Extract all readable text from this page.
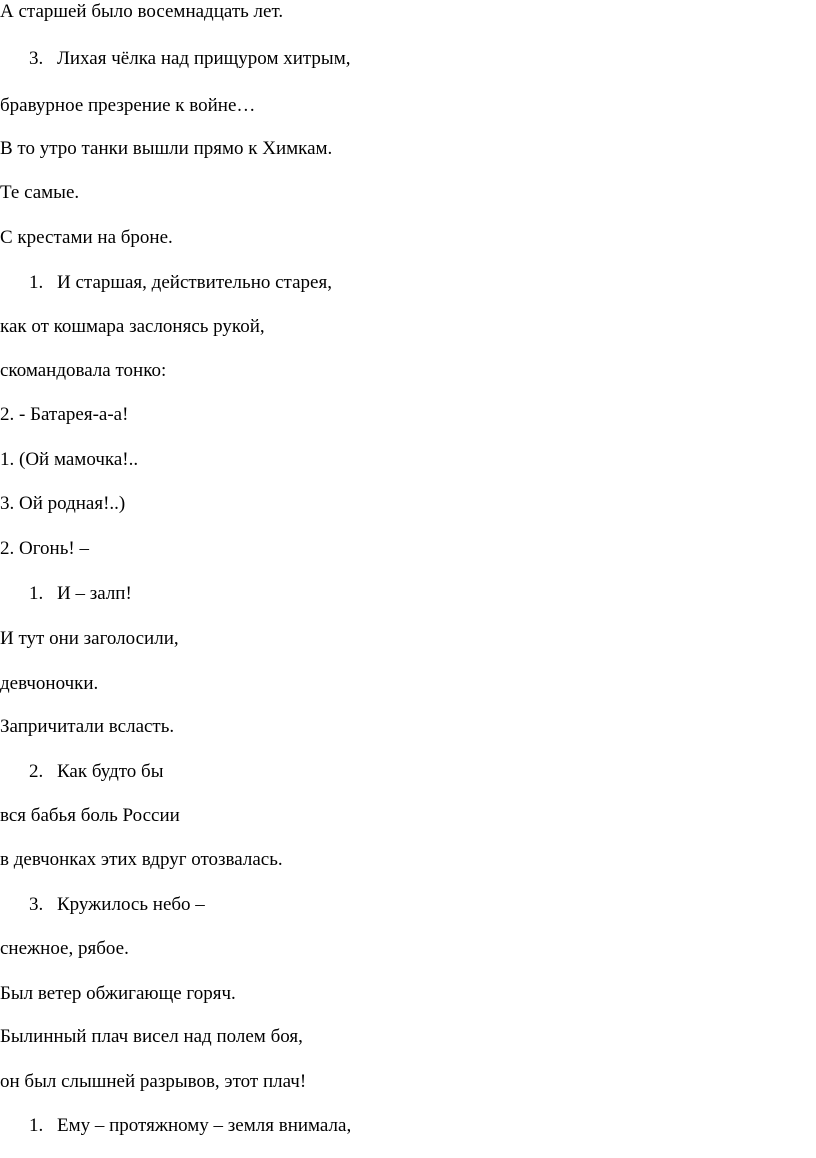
А старшей было восемнадцать лет.
3. Лихая чёлка над прищуром хитрым,
бравурное презрение к войне…
В то утро танки вышли прямо к Химкам.
Те самые.
С крестами на броне.
1. И старшая, действительно старея,
как от кошмара заслонясь рукой,
скомандовала тонко:
2. - Батарея-а-а!
1. (Ой мамочка!..
3. Ой родная!..)
2. Огонь! –
1. И – залп!
И тут они заголосили,
девчоночки.
Запричитали всласть.
2. Как будто бы
вся бабья боль России
в девчонках этих вдруг отозвалась.
3. Кружилось небо –
снежное, рябое.
Был ветер обжигающе горяч.
Былинный плач висел над полем боя,
он был слышней разрывов, этот плач!
1. Ему – протяжному – земля внимала,
